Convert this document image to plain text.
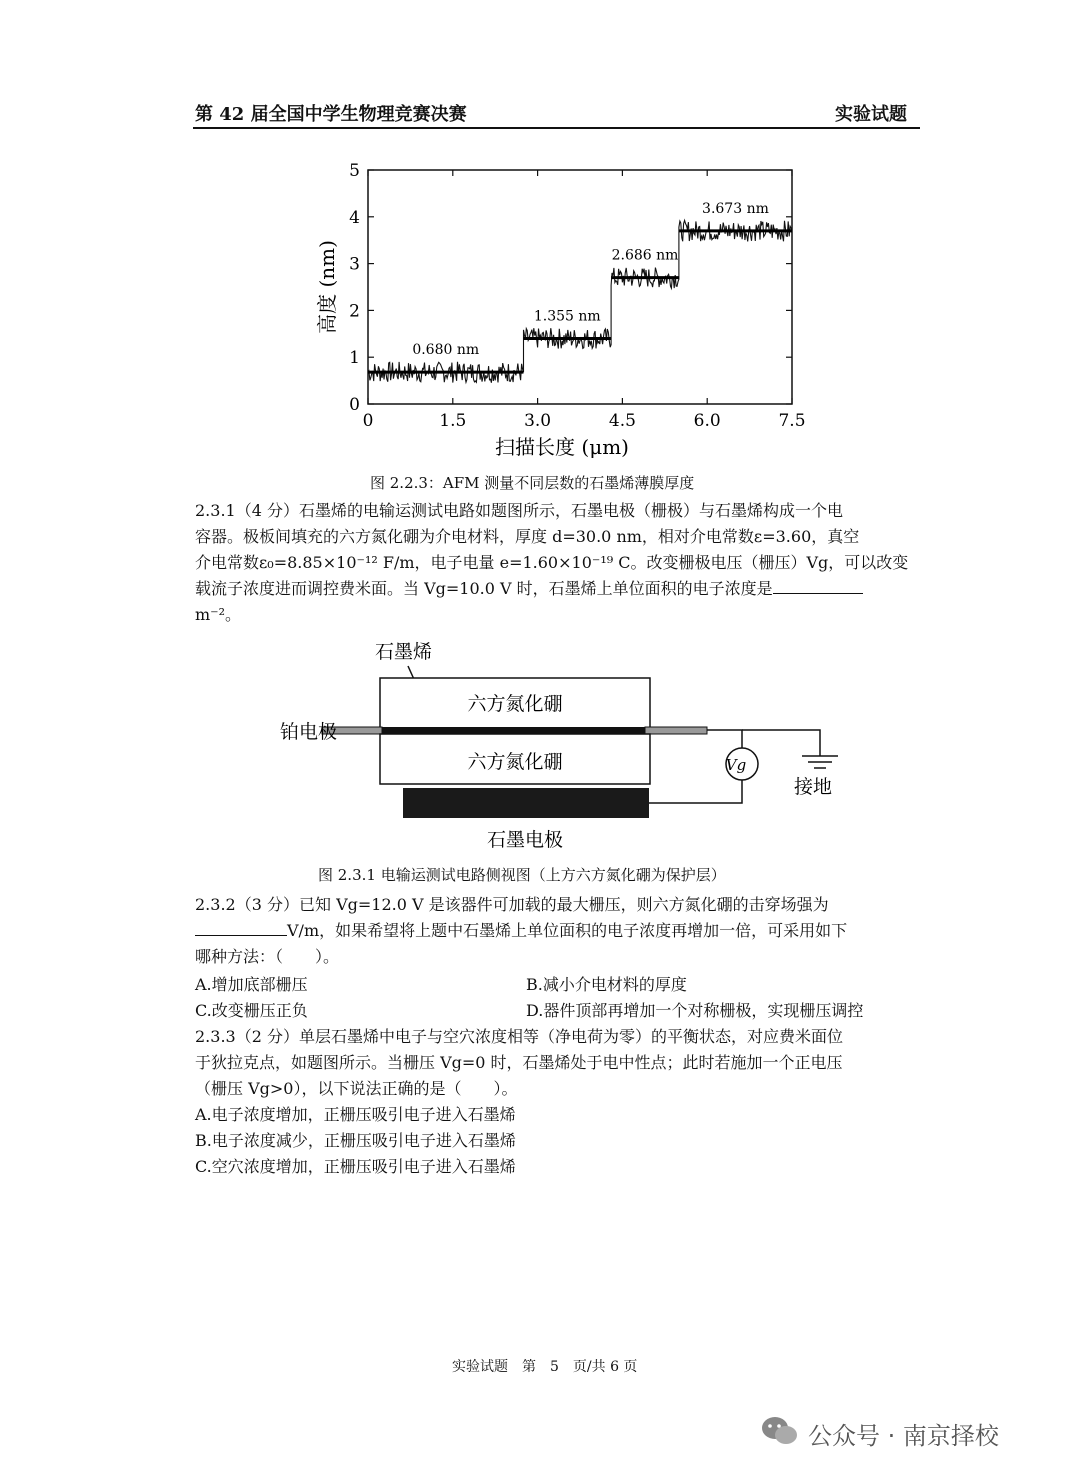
第 42 届全国中学生物理竞赛决赛	实验试题
0	1.5	3.0	4.5	6.0	7.5
0
1
2
3
4
5
0.680 nm
1.355 nm
2.686 nm
3.673 nm
扫描长度 (μm)
高度 (nm)
图 2.2.3：AFM 测量不同层数的石墨烯薄膜厚度
2.3.1（4 分）石墨烯的电输运测试电路如题图所示，石墨电极（栅极）与石墨烯构成一个电
容器。极板间填充的六方氮化硼为介电材料，厚度 d=30.0 nm，相对介电常数ε=3.60，真空
介电常数ε₀=8.85×10⁻¹² F/m，电子电量 e=1.60×10⁻¹⁹ C。改变栅极电压（栅压）Vg，可以改变
载流子浓度进而调控费米面。当 Vg=10.0 V 时，石墨烯上单位面积的电子浓度是
m⁻²。
石墨烯
六方氮化硼
铂电极
六方氮化硼
石墨电极
Vg
接地
图 2.3.1 电输运测试电路侧视图（上方六方氮化硼为保护层）
2.3.2（3 分）已知 Vg=12.0 V 是该器件可加载的最大栅压，则六方氮化硼的击穿场强为
V/m，如果希望将上题中石墨烯上单位面积的电子浓度再增加一倍，可采用如下
哪种方法：（　　）。
A.增加底部栅压	B.减小介电材料的厚度
C.改变栅压正负	D.器件顶部再增加一个对称栅极，实现栅压调控
2.3.3（2 分）单层石墨烯中电子与空穴浓度相等（净电荷为零）的平衡状态，对应费米面位
于狄拉克点，如题图所示。当栅压 Vg=0 时，石墨烯处于电中性点；此时若施加一个正电压
（栅压 Vg>0），以下说法正确的是（　　）。
A.电子浓度增加，正栅压吸引电子进入石墨烯
B.电子浓度减少，正栅压吸引电子进入石墨烯
C.空穴浓度增加，正栅压吸引电子进入石墨烯
实验试题　第　5　页/共 6 页
公众号 · 南京择校
